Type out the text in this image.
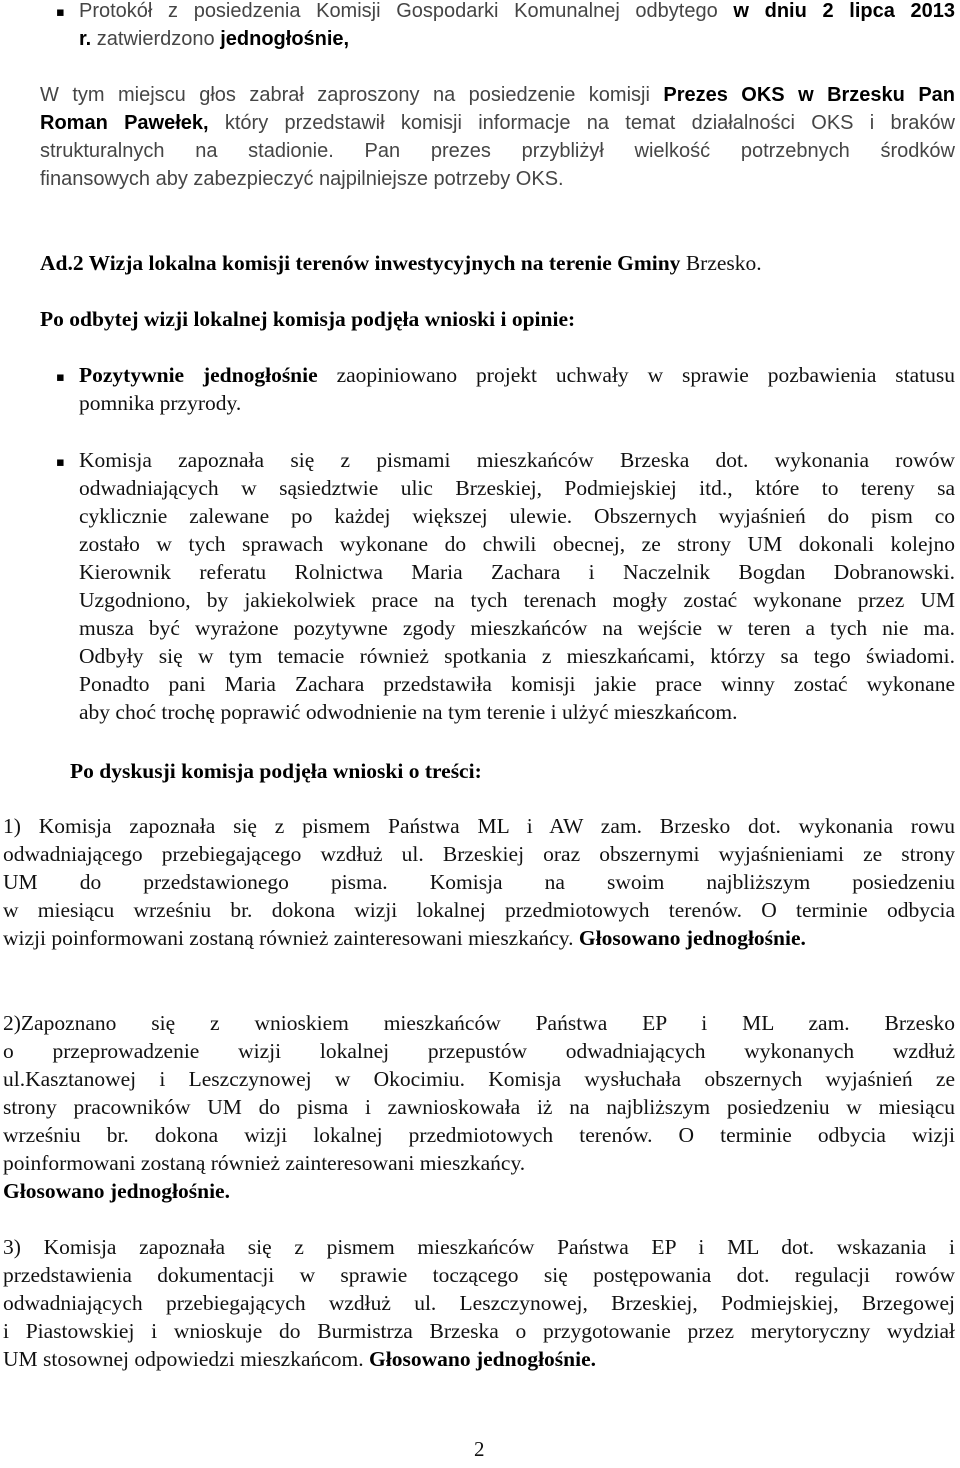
▪ Protokół z posiedzenia Komisji Gospodarki Komunalnej odbytego w dniu 2 lipca 2013

r. zatwierdzono jednogłośnie,

W tym miejscu głos zabrał zaproszony na posiedzenie komisji Prezes OKS w Brzesku Pan

Roman Pawełek, który przedstawił komisji informacje na temat działalności OKS i braków

strukturalnych na stadionie. Pan prezes przybliżył wielkość potrzebnych środków

finansowych aby zabezpieczyć najpilniejsze potrzeby OKS.

Ad.2 Wizja lokalna komisji terenów inwestycyjnych na terenie Gminy Brzesko.

Po odbytej wizji lokalnej komisja podjęła wnioski i opinie:

▪ Pozytywnie jednogłośnie zaopiniowano projekt uchwały w sprawie pozbawienia statusu

pomnika przyrody.

▪ Komisja zapoznała się z pismami mieszkańców Brzeska dot. wykonania rowów

odwadniających w sąsiedztwie ulic Brzeskiej, Podmiejskiej itd., które to tereny sa

cyklicznie zalewane po każdej większej ulewie. Obszernych wyjaśnień do pism co

zostało w tych sprawach wykonane do chwili obecnej, ze strony UM dokonali kolejno

Kierownik referatu Rolnictwa Maria Zachara i Naczelnik Bogdan Dobranowski.

Uzgodniono, by jakiekolwiek prace na tych terenach mogły zostać wykonane przez UM

musza być wyrażone pozytywne zgody mieszkańców na wejście w teren a tych nie ma.

Odbyły się w tym temacie również spotkania z mieszkańcami, którzy sa tego świadomi.

Ponadto pani Maria Zachara przedstawiła komisji jakie prace winny zostać wykonane

aby choć trochę poprawić odwodnienie na tym terenie i ulżyć mieszkańcom.

Po dyskusji komisja podjęła wnioski o treści:

1) Komisja zapoznała się z pismem Państwa ML i AW zam. Brzesko dot. wykonania rowu

odwadniającego przebiegającego wzdłuż ul. Brzeskiej oraz obszernymi wyjaśnieniami ze strony

UM do przedstawionego pisma. Komisja na swoim najbliższym posiedzeniu

w miesiącu wrześniu br. dokona wizji lokalnej przedmiotowych terenów. O terminie odbycia

wizji poinformowani zostaną również zainteresowani mieszkańcy. Głosowano jednogłośnie.

2)Zapoznano się z wnioskiem mieszkańców Państwa EP i ML zam. Brzesko

o przeprowadzenie wizji lokalnej przepustów odwadniających wykonanych wzdłuż

ul.Kasztanowej i Leszczynowej w Okocimiu. Komisja wysłuchała obszernych wyjaśnień ze

strony pracowników UM do pisma i zawnioskowała iż na najbliższym posiedzeniu w miesiącu

wrześniu br. dokona wizji lokalnej przedmiotowych terenów. O terminie odbycia wizji

poinformowani zostaną również zainteresowani mieszkańcy.

Głosowano jednogłośnie.

3) Komisja zapoznała się z pismem mieszkańców Państwa EP i ML dot. wskazania i

przedstawienia dokumentacji w sprawie toczącego się postępowania dot. regulacji rowów

odwadniających przebiegających wzdłuż ul. Leszczynowej, Brzeskiej, Podmiejskiej, Brzegowej

i Piastowskiej i wnioskuje do Burmistrza Brzeska o przygotowanie przez merytoryczny wydział

UM stosownej odpowiedzi mieszkańcom. Głosowano jednogłośnie.

2
